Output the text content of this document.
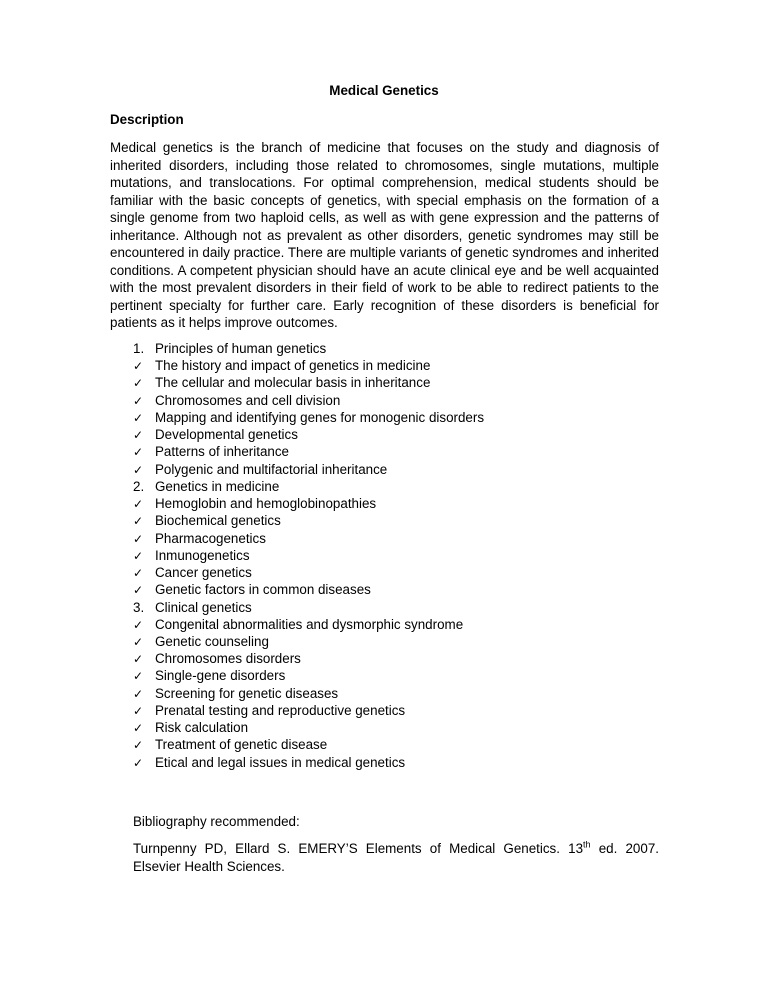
Medical Genetics
Description

Medical genetics is the branch of medicine that focuses on the study and diagnosis of inherited disorders, including those related to chromosomes, single mutations, multiple mutations, and translocations. For optimal comprehension, medical students should be familiar with the basic concepts of genetics, with special emphasis on the formation of a single genome from two haploid cells, as well as with gene expression and the patterns of inheritance. Although not as prevalent as other disorders, genetic syndromes may still be encountered in daily practice. There are multiple variants of genetic syndromes and inherited conditions. A competent physician should have an acute clinical eye and be well acquainted with the most prevalent disorders in their field of work to be able to redirect patients to the pertinent specialty for further care. Early recognition of these disorders is beneficial for patients as it helps improve outcomes.

1. Principles of human genetics
✓ The history and impact of genetics in medicine
✓ The cellular and molecular basis in inheritance
✓ Chromosomes and cell division
✓ Mapping and identifying genes for monogenic disorders
✓ Developmental genetics
✓ Patterns of inheritance
✓ Polygenic and multifactorial inheritance
2. Genetics in medicine
✓ Hemoglobin and hemoglobinopathies
✓ Biochemical genetics
✓ Pharmacogenetics
✓ Inmunogenetics
✓ Cancer genetics
✓ Genetic factors in common diseases
3. Clinical genetics
✓ Congenital abnormalities and dysmorphic syndrome
✓ Genetic counseling
✓ Chromosomes disorders
✓ Single-gene disorders
✓ Screening for genetic diseases
✓ Prenatal testing and reproductive genetics
✓ Risk calculation
✓ Treatment of genetic disease
✓ Etical and legal issues in medical genetics
Bibliography recommended:

Turnpenny PD, Ellard S. EMERY’S Elements of Medical Genetics. 13th ed. 2007. Elsevier Health Sciences.
